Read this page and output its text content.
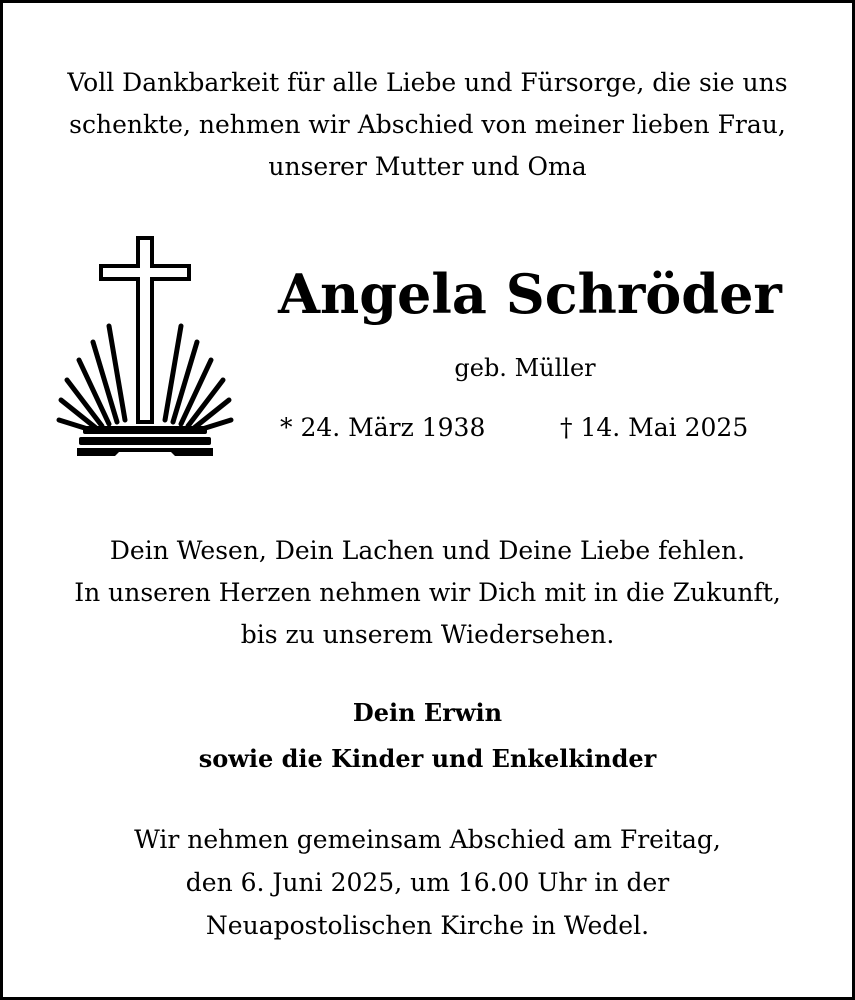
Voll Dankbarkeit für alle Liebe und Fürsorge, die sie uns
schenkte, nehmen wir Abschied von meiner lieben Frau,
unserer Mutter und Oma
Angela Schröder
geb. Müller
* 24. März 1938	† 14. Mai 2025
Dein Wesen, Dein Lachen und Deine Liebe fehlen.
In unseren Herzen nehmen wir Dich mit in die Zukunft,
bis zu unserem Wiedersehen.
Dein Erwin
sowie die Kinder und Enkelkinder
Wir nehmen gemeinsam Abschied am Freitag,
den 6. Juni 2025, um 16.00 Uhr in der
Neuapostolischen Kirche in Wedel.
